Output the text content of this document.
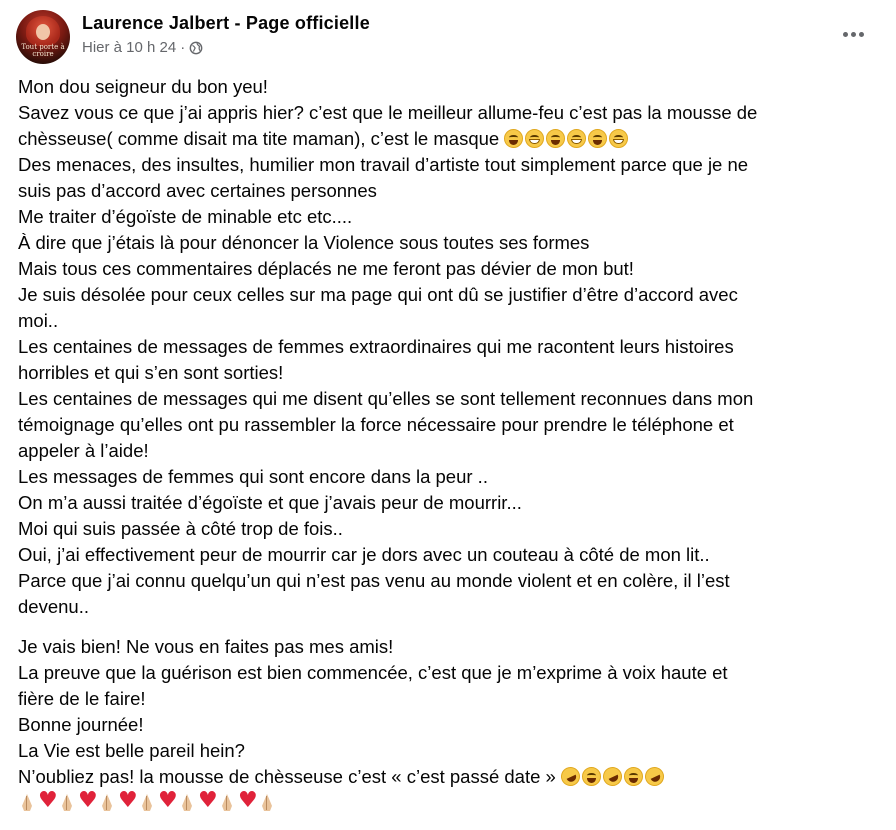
Tout porte à croire
Laurence Jalbert - Page officielle
Hier à 10 h 24 ·
Mon dou seigneur du bon yeu!
Savez vous ce que j’ai appris hier? c’est que le meilleur allume-feu c’est pas la mousse de
chèsseuse( comme disait ma tite maman), c’est le masque
Des menaces, des insultes, humilier mon travail d’artiste tout simplement parce que je ne
suis pas d’accord avec certaines personnes
Me traiter d’égoïste de minable etc etc....
À dire que j’étais là pour dénoncer la Violence sous toutes ses formes
Mais tous ces commentaires déplacés ne me feront pas dévier de mon but!
Je suis désolée pour ceux celles sur ma page qui ont dû se justifier d’être d’accord avec
moi..
Les centaines de messages de femmes extraordinaires qui me racontent leurs histoires
horribles et qui s’en sont sorties!
Les centaines de messages qui me disent qu’elles se sont tellement reconnues dans mon
témoignage qu’elles ont pu rassembler la force nécessaire pour prendre le téléphone et
appeler à l’aide!
Les messages de femmes qui sont encore dans la peur ..
On m’a aussi traitée d’égoïste et que j’avais peur de mourrir...
Moi qui suis passée à côté trop de fois..
Oui, j’ai effectivement peur de mourrir car je dors avec un couteau à côté de mon lit..
Parce que j’ai connu quelqu’un qui n’est pas venu au monde violent et en colère, il l’est
devenu..
Je vais bien! Ne vous en faites pas mes amis!
La preuve que la guérison est bien commencée, c’est que je m’exprime à voix haute et
fière de le faire!
Bonne journée!
La Vie est belle pareil hein?
N’oubliez pas! la mousse de chèsseuse c’est « c’est passé date »
♥♥♥♥♥♥
